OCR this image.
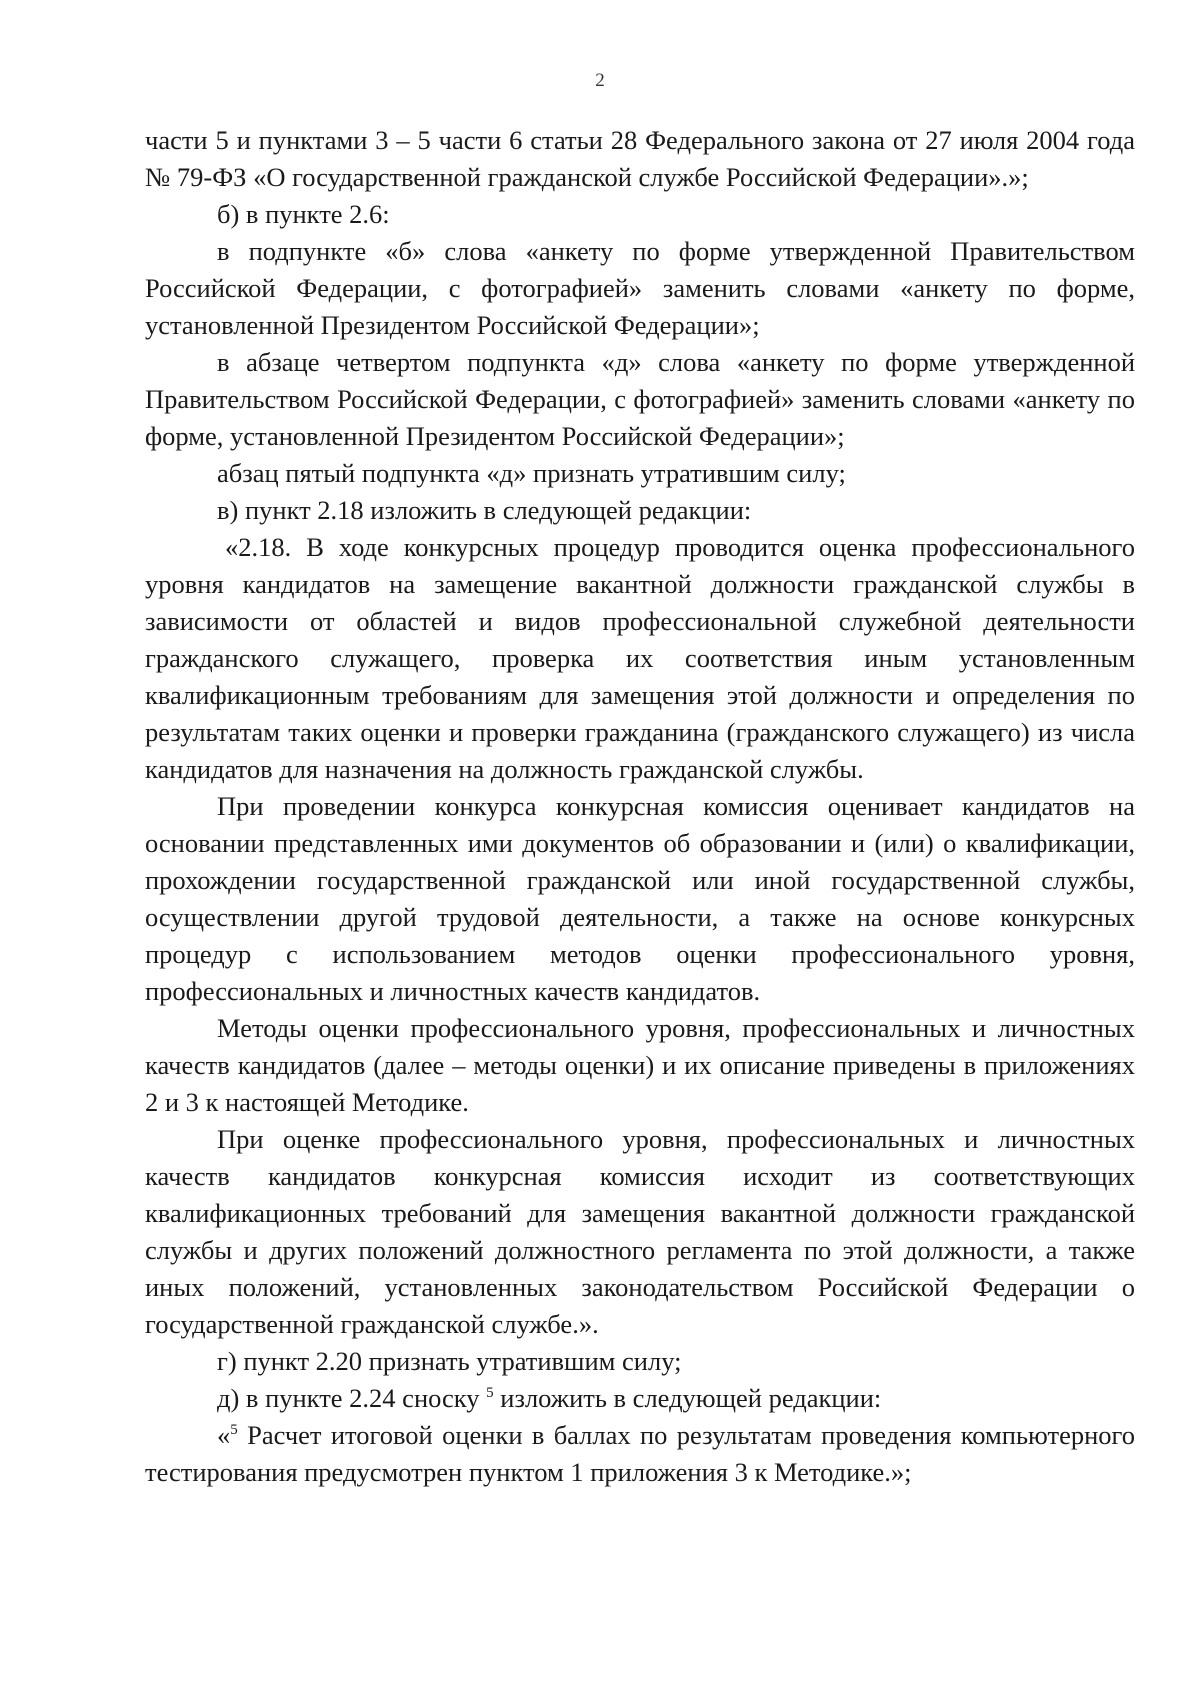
2

части 5 и пунктами 3 – 5 части 6 статьи 28 Федерального закона от 27 июля 2004 года № 79-ФЗ «О государственной гражданской службе Российской Федерации».»;

б) в пункте 2.6:

в подпункте «б» слова «анкету по форме утвержденной Правительством Российской Федерации, с фотографией» заменить словами «анкету по форме, установленной Президентом Российской Федерации»;

в абзаце четвертом подпункта «д» слова «анкету по форме утвержденной Правительством Российской Федерации, с фотографией» заменить словами «анкету по форме, установленной Президентом Российской Федерации»;

абзац пятый подпункта «д» признать утратившим силу;

в) пункт 2.18 изложить в следующей редакции:

«2.18. В ходе конкурсных процедур проводится оценка профессионального уровня кандидатов на замещение вакантной должности гражданской службы в зависимости от областей и видов профессиональной служебной деятельности гражданского служащего, проверка их соответствия иным установленным квалификационным требованиям для замещения этой должности и определения по результатам таких оценки и проверки гражданина (гражданского служащего) из числа кандидатов для назначения на должность гражданской службы.

При проведении конкурса конкурсная комиссия оценивает кандидатов на основании представленных ими документов об образовании и (или) о квалификации, прохождении государственной гражданской или иной государственной службы, осуществлении другой трудовой деятельности, а также на основе конкурсных процедур с использованием методов оценки профессионального уровня, профессиональных и личностных качеств кандидатов.

Методы оценки профессионального уровня, профессиональных и личностных качеств кандидатов (далее – методы оценки) и их описание приведены в приложениях 2 и 3 к настоящей Методике.

При оценке профессионального уровня, профессиональных и личностных качеств кандидатов конкурсная комиссия исходит из соответствующих квалификационных требований для замещения вакантной должности гражданской службы и других положений должностного регламента по этой должности, а также иных положений, установленных законодательством Российской Федерации о государственной гражданской службе.».

г) пункт 2.20 признать утратившим силу;

д) в пункте 2.24 сноску $^5$ изложить в следующей редакции:

«$^5$ Расчет итоговой оценки в баллах по результатам проведения компьютерного тестирования предусмотрен пунктом 1 приложения 3 к Методике.»;
